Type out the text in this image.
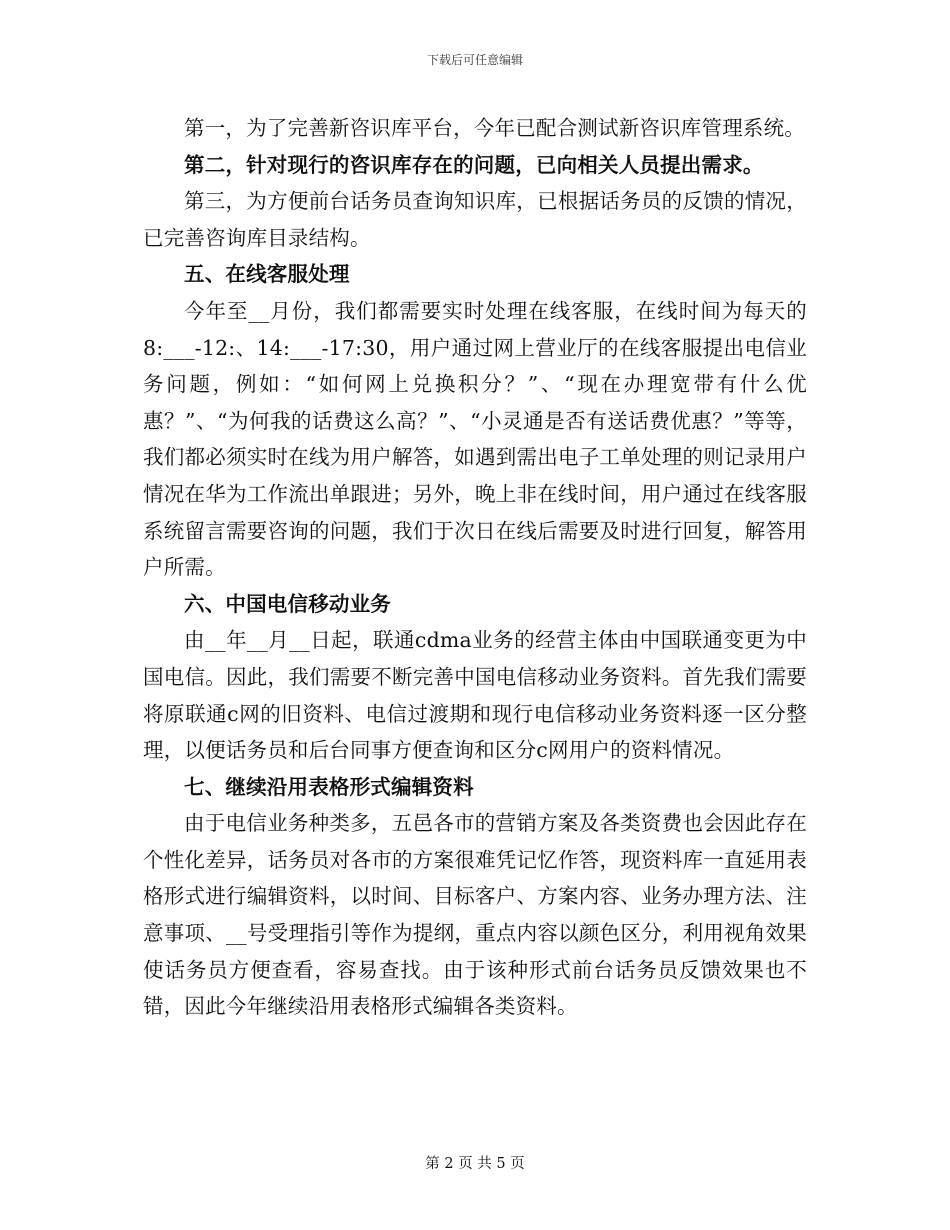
下载后可任意编辑

第一，为了完善新咨识库平台，今年已配合测试新咨识库管理系统。

第二，针对现行的咨识库存在的问题，已向相关人员提出需求。

第三，为方便前台话务员查询知识库，已根据话务员的反馈的情况，已完善咨询库目录结构。

五、在线客服处理

今年至__月份，我们都需要实时处理在线客服，在线时间为每天的8:___-12:、14:___-17:30，用户通过网上营业厅的在线客服提出电信业务问题，例如：“如何网上兑换积分？”、“现在办理宽带有什么优惠？”、“为何我的话费这么高？”、“小灵通是否有送话费优惠？”等等，我们都必须实时在线为用户解答，如遇到需出电子工单处理的则记录用户情况在华为工作流出单跟进；另外，晚上非在线时间，用户通过在线客服系统留言需要咨询的问题，我们于次日在线后需要及时进行回复，解答用户所需。

六、中国电信移动业务

由__年__月__日起，联通cdma业务的经营主体由中国联通变更为中国电信。因此，我们需要不断完善中国电信移动业务资料。首先我们需要将原联通c网的旧资料、电信过渡期和现行电信移动业务资料逐一区分整理，以便话务员和后台同事方便查询和区分c网用户的资料情况。

七、继续沿用表格形式编辑资料

由于电信业务种类多，五邑各市的营销方案及各类资费也会因此存在个性化差异，话务员对各市的方案很难凭记忆作答，现资料库一直延用表格形式进行编辑资料，以时间、目标客户、方案内容、业务办理方法、注意事项、__号受理指引等作为提纲，重点内容以颜色区分，利用视角效果使话务员方便查看，容易查找。由于该种形式前台话务员反馈效果也不错，因此今年继续沿用表格形式编辑各类资料。

第 2 页 共 5 页
